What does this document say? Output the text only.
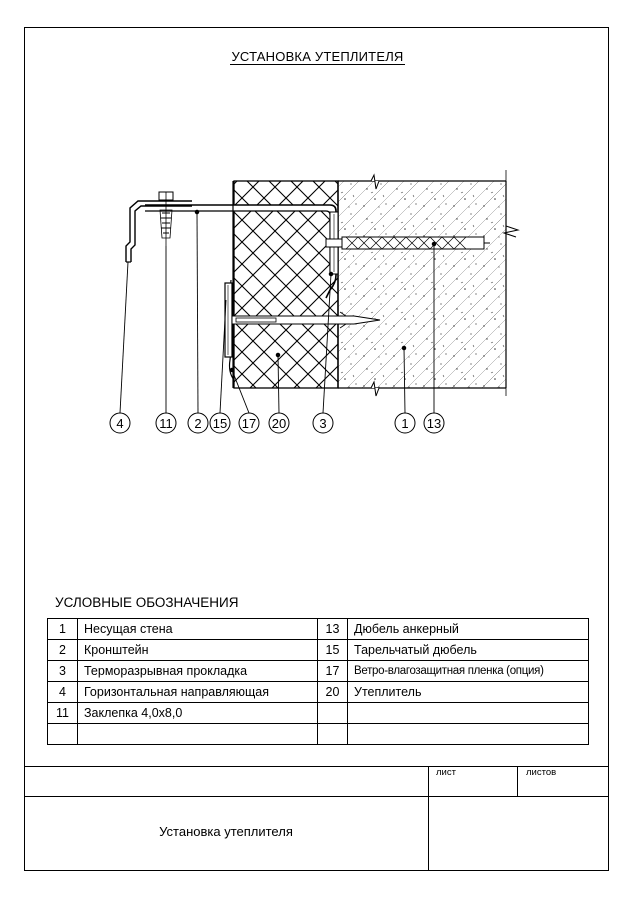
УСТАНОВКА УТЕПЛИТЕЛЯ
4	11 2 15 17 20	3	1 13
УСЛОВНЫЕ ОБОЗНАЧЕНИЯ
1	Несущая стена	13	Дюбель анкерный
2	Кронштейн	15	Тарельчатый дюбель
3	Терморазрывная прокладка	17	Ветро-влагозащитная пленка (опция)
4	Горизонтальная направляющая	20	Утеплитель
11	Заклепка 4,0х8,0		

лист	листов
Установка утеплителя
